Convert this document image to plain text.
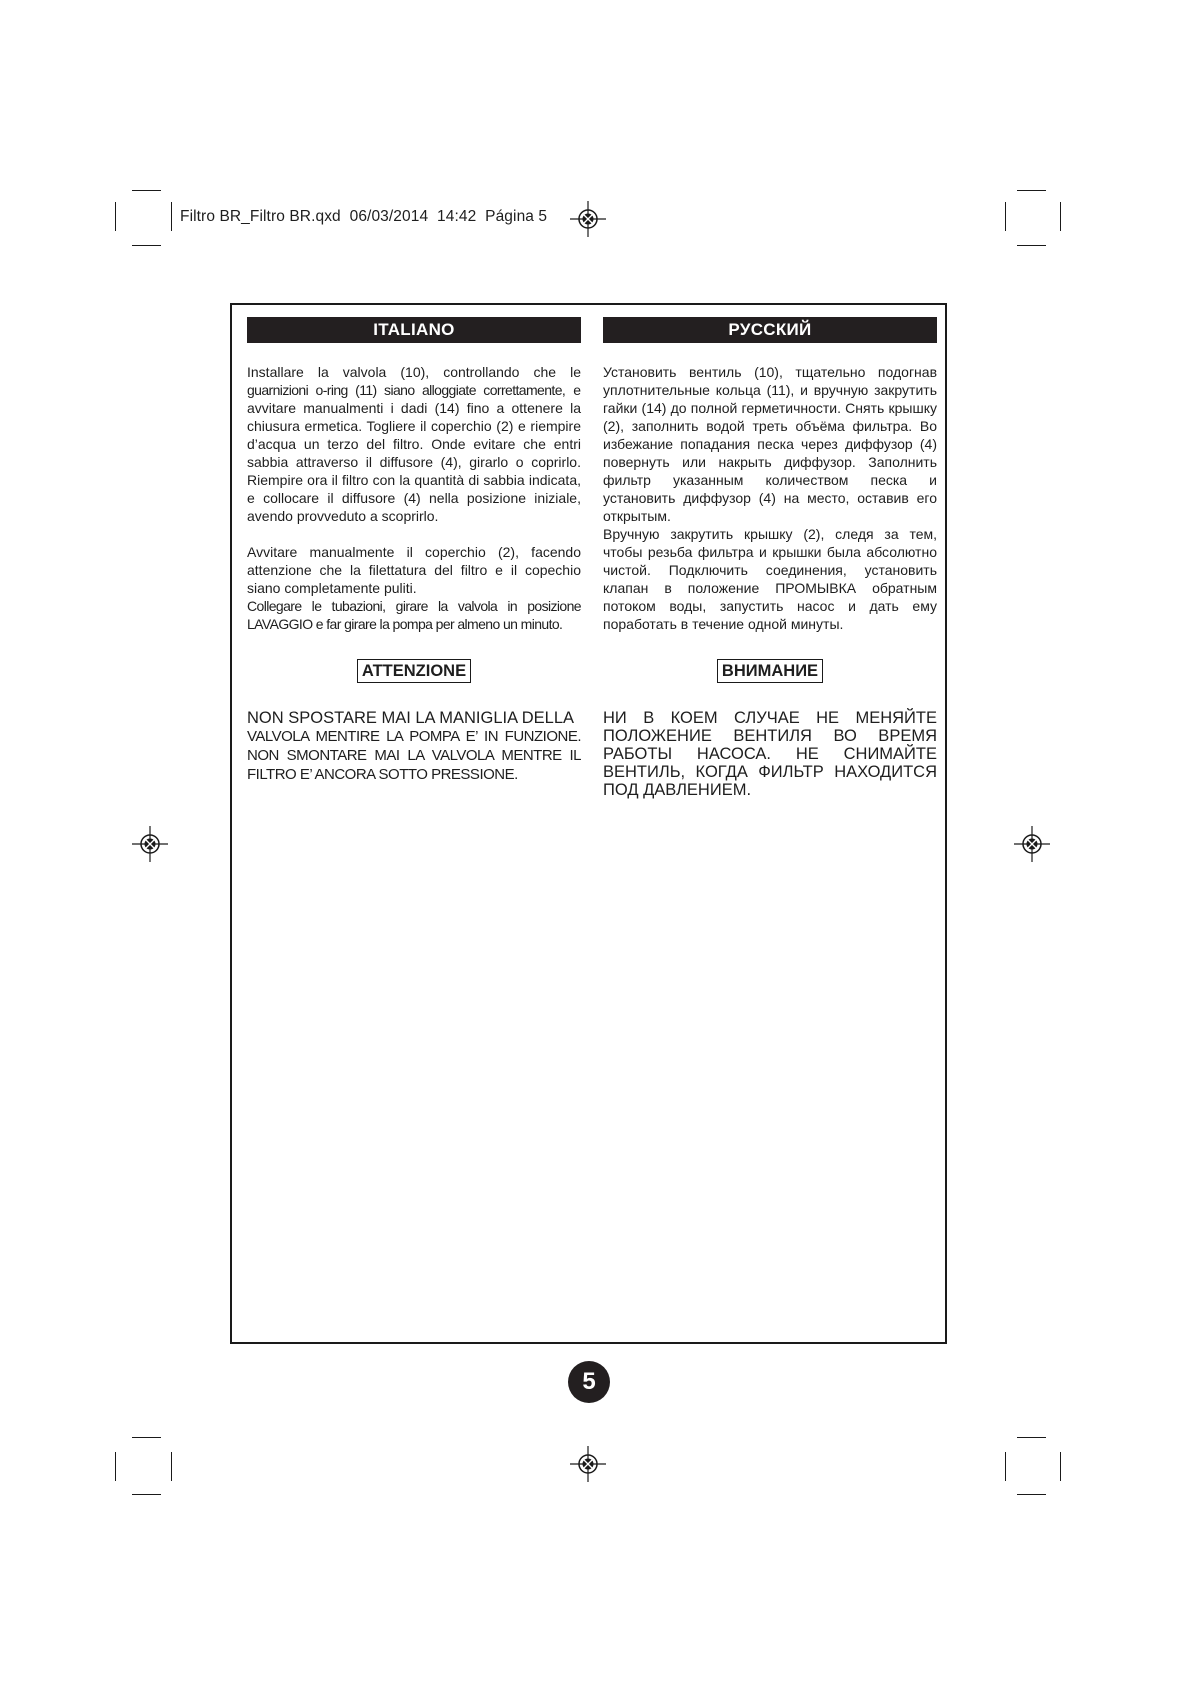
Filtro BR_Filtro BR.qxd 06/03/2014 14:42 Página 5
ITALIANO

Installare la valvola (10), controllando che le guarnizioni o-ring (11) siano alloggiate correttamente, e avvitare manualmenti i dadi (14) fino a ottenere la chiusura ermetica. Togliere il coperchio (2) e riempire d’acqua un terzo del filtro. Onde evitare che entri sabbia attraverso il diffusore (4), girarlo o coprirlo. Riempire ora il filtro con la quantità di sabbia indicata, e collocare il diffusore (4) nella posizione iniziale, avendo provveduto a scoprirlo.

Avvitare manualmente il coperchio (2), facendo attenzione che la filettatura del filtro e il copechio siano completamente puliti.
Collegare le tubazioni, girare la valvola in posizione LAVAGGIO e far girare la pompa per almeno un minuto.

ATTENZIONE

NON SPOSTARE MAI LA MANIGLIA DELLA
VALVOLA MENTIRE LA POMPA E’ IN FUNZIONE. NON SMONTARE MAI LA VALVOLA MENTRE IL FILTRO E’ ANCORA SOTTO PRESSIONE.

РУССКИЙ

Установить вентиль (10), тщательно подогнав уплотнительные кольца (11), и вручную закрутить гайки (14) до полной герметичности. Снять крышку (2), заполнить водой треть объёма фильтра. Во избежание попадания песка через диффузор (4) повернуть или накрыть диффузор. Заполнить фильтр указанным количеством песка и установить диффузор (4) на место, оставив его открытым.

Вручную закрутить крышку (2), следя за тем, чтобы резьба фильтра и крышки была абсолютно чистой. Подключить соединения, установить клапан в положение ПРОМЫВКА обратным потоком воды, запустить насос и дать ему поработать в течение одной минуты.

ВНИМАНИЕ

НИ В КОЕМ СЛУЧАЕ НЕ МЕНЯЙТЕ ПОЛОЖЕНИЕ ВЕНТИЛЯ ВО ВРЕМЯ РАБОТЫ НАСОСА. НЕ СНИМАЙТЕ ВЕНТИЛЬ, КОГДА ФИЛЬТР НАХОДИТСЯ ПОД ДАВЛЕНИЕМ.

5
